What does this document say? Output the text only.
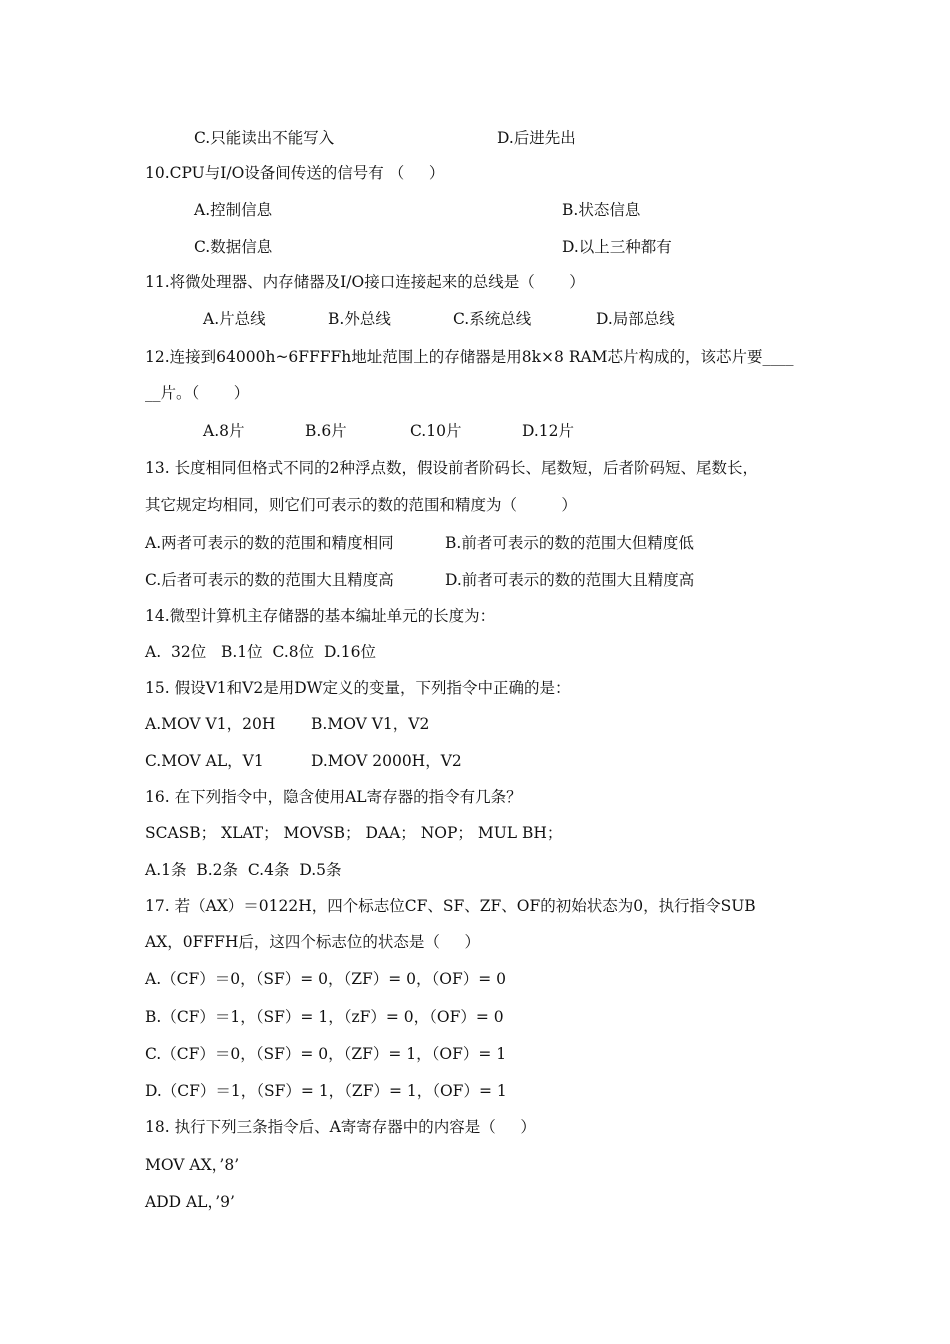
C.只能读出不能写入	D.后进先出
10.CPU与I/O设备间传送的信号有 （     ）
A.控制信息	B.状态信息
C.数据信息	D.以上三种都有
11.将微处理器、内存储器及I/O接口连接起来的总线是（       ）
A.片总线	B.外总线	C.系统总线	D.局部总线
12.连接到64000h~6FFFFh地址范围上的存储器是用8k×8 RAM芯片构成的，该芯片要____
__片。（       ）
A.8片	B.6片	C.10片	D.12片
13. 长度相同但格式不同的2种浮点数，假设前者阶码长、尾数短，后者阶码短、尾数长，
其它规定均相同，则它们可表示的数的范围和精度为（         ）
A.两者可表示的数的范围和精度相同	B.前者可表示的数的范围大但精度低
C.后者可表示的数的范围大且精度高	D.前者可表示的数的范围大且精度高
14.微型计算机主存储器的基本编址单元的长度为：
A.  32位   B.1位  C.8位  D.16位
15. 假设V1和V2是用DW定义的变量，下列指令中正确的是：
A.MOV V1，20H B.MOV V1，V2
C.MOV AL，V1	D.MOV 2000H，V2
16. 在下列指令中，隐含使用AL寄存器的指令有几条？
SCASB； XLAT； MOVSB； DAA； NOP； MUL BH；
A.1条  B.2条  C.4条  D.5条
17. 若（AX）＝0122H，四个标志位CF、SF、ZF、OF的初始状态为0，执行指令SUB
AX，0FFFH后，这四个标志位的状态是（     ）
A.（CF）＝0，（SF）= 0，（ZF）= 0，（OF）= 0
B.（CF）＝1，（SF）= 1，（zF）= 0，（OF）= 0
C.（CF）＝0，（SF）= 0，（ZF）= 1，（OF）= 1
D.（CF）＝1，（SF）= 1，（ZF）= 1，（OF）= 1
18. 执行下列三条指令后、A寄寄存器中的内容是（     ）
MOV AX，’8’
ADD AL，’9’
